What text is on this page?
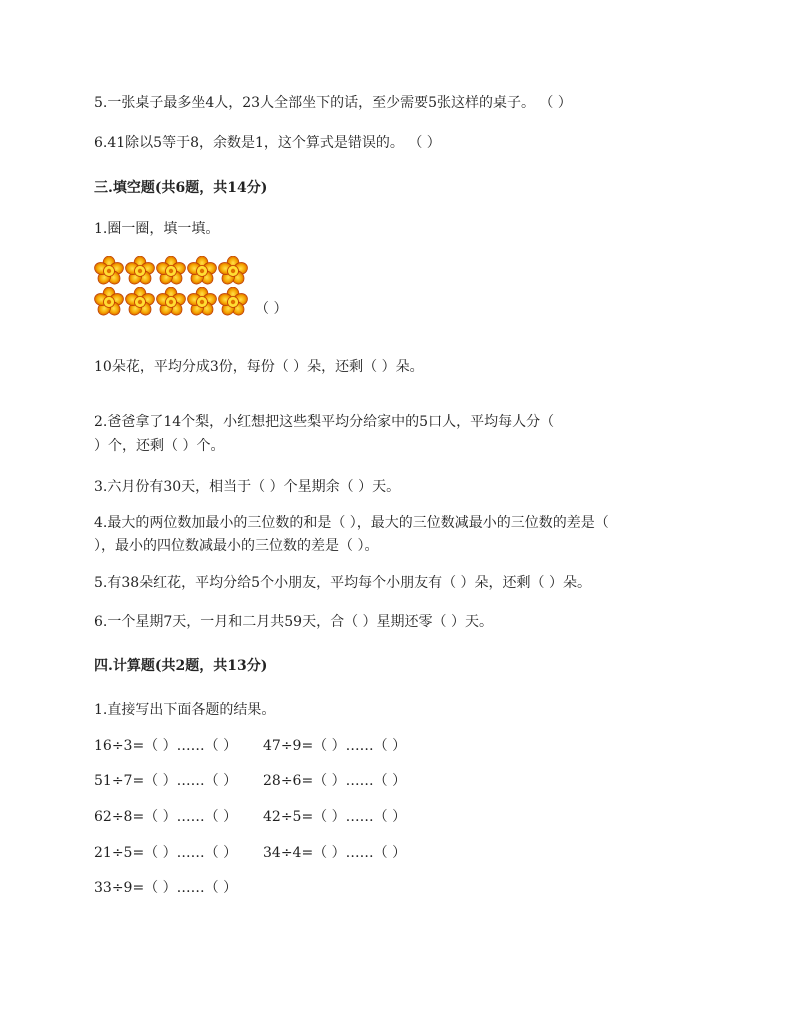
5.一张桌子最多坐4人，23人全部坐下的话，至少需要5张这样的桌子。 （ ）
6.41除以5等于8，余数是1，这个算式是错误的。 （ ）
三.填空题(共6题，共14分)
1.圈一圈，填一填。
（ ）
10朵花，平均分成3份，每份（ ）朵，还剩（ ）朵。
2.爸爸拿了14个梨，小红想把这些梨平均分给家中的5口人，平均每人分（
）个，还剩（ ）个。
3.六月份有30天，相当于（ ）个星期余（ ）天。
4.最大的两位数加最小的三位数的和是（ ），最大的三位数减最小的三位数的差是（
），最小的四位数减最小的三位数的差是（ ）。
5.有38朵红花，平均分给5个小朋友，平均每个小朋友有（ ）朵，还剩（ ）朵。
6.一个星期7天，一月和二月共59天，合（ ）星期还零（ ）天。
四.计算题(共2题，共13分)
1.直接写出下面各题的结果。
16÷3=（ ）……（ ） 47÷9=（ ）……（ ）
51÷7=（ ）……（ ） 28÷6=（ ）……（ ）
62÷8=（ ）……（ ） 42÷5=（ ）……（ ）
21÷5=（ ）……（ ） 34÷4=（ ）……（ ）
33÷9=（ ）……（ ）
